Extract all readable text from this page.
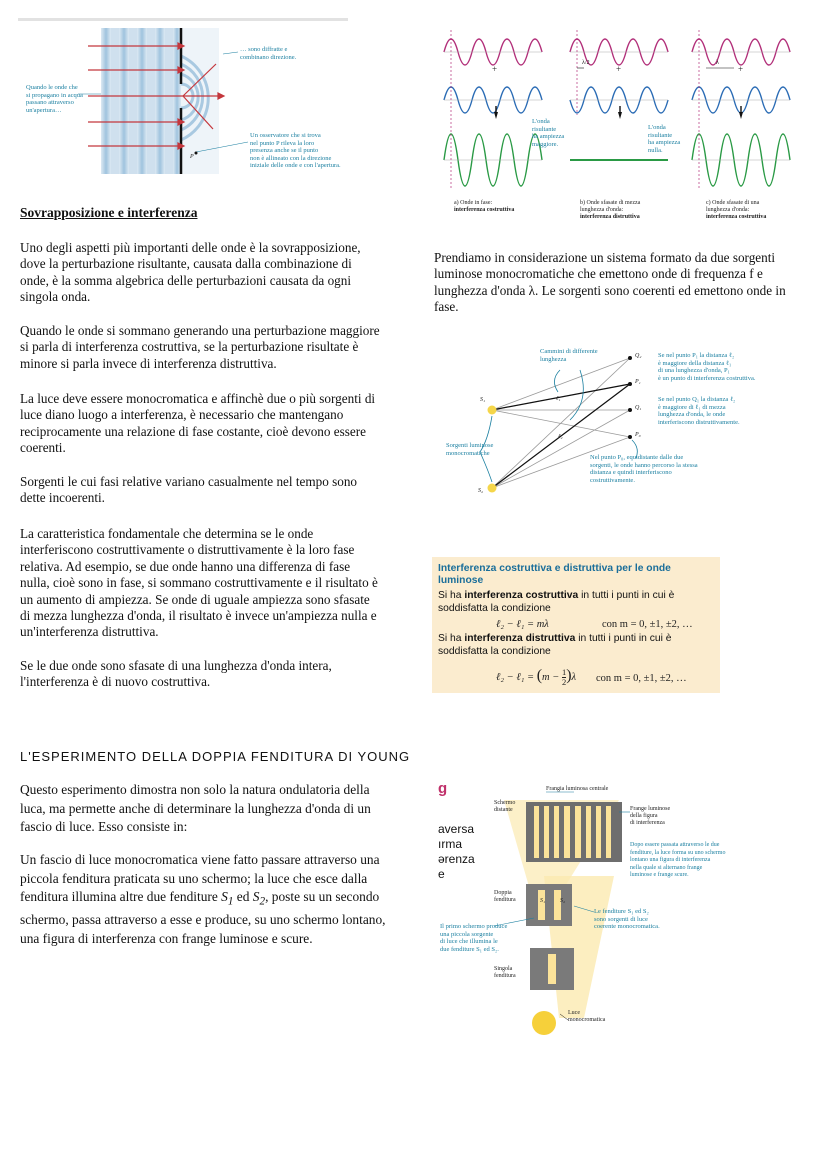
… sono diffratte e
combinano direzione.
Quando le onde che
si propagano in acqua
passano attraverso
un'apertura…
Un osservatore che si trova
nel punto P rileva la loro
presenza anche se il punto
non è allineato con la direzione
iniziale delle onde e con l'apertura.
P
λ/2	λ
+	+	+
L'onda
risultante
ha ampiezza
maggiore.
L'onda
risultante
ha ampiezza
nulla.
a) Onde in fase:
interferenza costruttiva
b) Onde sfasate di mezza
lunghezza d'onda:
interferenza distruttiva
c) Onde sfasate di una
lunghezza d'onda:
interferenza costruttiva
Sovrapposizione e interferenza

Uno degli aspetti più importanti delle onde è la sovrapposizione, dove la perturbazione risultante, causata dalla combinazione di onde, è la somma algebrica delle perturbazioni causata da ogni singola onda.

Quando le onde si sommano generando una perturbazione maggiore si parla di interferenza costruttiva, se la perturbazione risultate è minore si parla invece di interferenza distruttiva.

La luce deve essere monocromatica e affinchè due o più sorgenti di luce diano luogo a interferenza, è necessario che mantengano reciprocamente una relazione di fase costante, cioè devono essere coerenti.

Sorgenti le cui fasi relative variano casualmente nel tempo sono dette incoerenti.

La caratteristica fondamentale che determina se le onde interferiscono costruttivamente o distruttivamente è la loro fase relativa. Ad esempio, se due onde hanno una differenza di fase nulla, cioè sono in fase, si sommano costruttivamente e il risultato è un aumento di ampiezza. Se onde di uguale ampiezza sono sfasate di mezza lunghezza d'onda, il risultato è invece un'ampiezza nulla e un'interferenza distruttiva.

Se le due onde sono sfasate di una lunghezza d'onda intera, l'interferenza è di nuovo costruttiva.

Prendiamo in considerazione un sistema formato da due sorgenti luminose monocromatiche che emettono onde di frequenza f e lunghezza d'onda λ. Le sorgenti sono coerenti ed emettono onde in fase.

Cammini di differente
lunghezza
Sorgenti luminose
monocromatiche
S₁
S₂
Q₂
P₁
Q₁
P₀
ℓ₁
ℓ₂
Se nel punto P₁ la distanza ℓ₂
è maggiore della distanza ℓ₁
di una lunghezza d'onda, P₁
è un punto di interferenza costruttiva.
Se nel punto Q₁ la distanza ℓ₂
è maggiore di ℓ₁ di mezza
lunghezza d'onda, le onde
interferiscono distruttivamente.
Nel punto P₀, equidistante dalle due
sorgenti, le onde hanno percorso la stessa
distanza e quindi interferiscono
costruttivamente.
Interferenza costruttiva e distruttiva per le onde luminose
Si ha interferenza costruttiva in tutti i punti in cui è soddisfatta la condizione
ℓ₂ − ℓ₁ = mλ	con m = 0, ±1, ±2, …
Si ha interferenza distruttiva in tutti i punti in cui è soddisfatta la condizione
ℓ₂ − ℓ₁ = $(m - \frac{1}{2} )\lambda$ con m = 0, ±1, ±2, …
L'ESPERIMENTO DELLA DOPPIA FENDITURA DI YOUNG

Questo esperimento dimostra non solo la natura ondulatoria della luca, ma permette anche di determinare la lunghezza d'onda di un fascio di luce. Esso consiste in:

Un fascio di luce monocromatica viene fatto passare attraverso una piccola fenditura praticata su uno schermo; la luce che esce dalla fenditura illumina altre due fenditure $S_1$ ed $S_2$, poste su un secondo schermo, passa attraverso a esse e produce, su uno schermo lontano, una figura di interferenza con frange luminose e scure.

g
aversa
ırma
ərenza
e
Frangia luminosa centrale
Schermo
distante	Frange luminose
della figura
di interferenza
Dopo essere passata attraverso le due
fenditure, la luce forma su uno schermo
lontano una figura di interferenza
nella quale si alternano frange
luminose e frange scure.
Doppia
fenditura	S₁ S₂
Le fenditure S₁ ed S₂
sono sorgenti di luce
coerente monocromatica.
Il primo schermo produce
una piccola sorgente
di luce che illumina le
due fenditure S₁ ed S₂.
Singola
fenditura
Luce
monocromatica
